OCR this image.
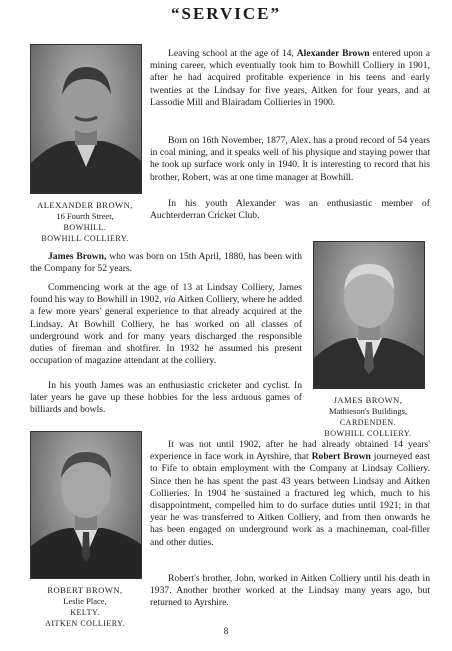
“SERVICE”
ALEXANDER BROWN,
16 Fourth Street,
BOWHILL.
BOWHILL COLLIERY.

Leaving school at the age of 14, Alexander Brown entered upon a mining career, which eventually took him to Bowhill Colliery in 1901, after he had acquired profitable experience in his teens and early twenties at the Lindsay for five years, Aitken for four years, and at Lassodie Mill and Blairadam Collieries in 1900.

Born on 16th November, 1877, Alex. has a proud record of 54 years in coal mining, and it speaks well of his physique and staying power that he took up surface work only in 1940. It is interesting to record that his brother, Robert, was at one time manager at Bowhill.

In his youth Alexander was an enthusiastic member of Auchterderran Cricket Club.

James Brown, who was born on 15th April, 1880, has been with the Company for 52 years.

Commencing work at the age of 13 at Lindsay Colliery, James found his way to Bowhill in 1902, via Aitken Colliery, where he added a few more years' general experience to that already acquired at the Lindsay. At Bowhill Colliery, he has worked on all classes of underground work and for many years discharged the responsible duties of fireman and shotfirer. In 1932 he assumed his present occupation of magazine attendant at the colliery.

In his youth James was an enthusiastic cricketer and cyclist. In later years he gave up these hobbies for the less arduous games of billiards and bowls.

JAMES BROWN,
Mathieson's Buildings,
CARDENDEN.
BOWHILL COLLIERY.
ROBERT BROWN,
Leslie Place,
KELTY.
AITKEN COLLIERY.

It was not until 1902, after he had already obtained 14 years' experience in face work in Ayrshire, that Robert Brown journeyed east to Fife to obtain employment with the Company at Lindsay Colliery. Since then he has spent the past 43 years between Lindsay and Aitken Collieries. In 1904 he sustained a fractured leg which, much to his disappointment, compelled him to do surface duties until 1921; in that year he was transferred to Aitken Colliery, and from then onwards he has been engaged on underground work as a machineman, coal-filler and other duties.

Robert's brother, John, worked in Aitken Colliery until his death in 1937. Another brother worked at the Lindsay many years ago, but returned to Ayrshire.

8
